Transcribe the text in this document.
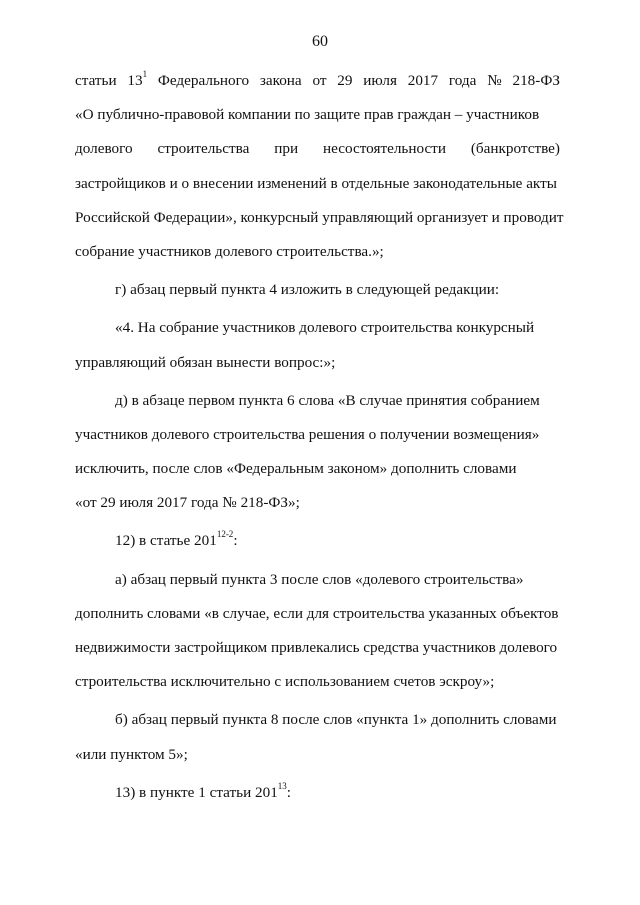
60
статьи $13^1$ Федерального закона от 29 июля 2017 года № 218-ФЗ
«О публично-правовой компании по защите прав граждан – участников
долевого строительства при несостоятельности (банкротстве)
застройщиков и о внесении изменений в отдельные законодательные акты
Российской Федерации», конкурсный управляющий организует и проводит
собрание участников долевого строительства.»;
г) абзац первый пункта 4 изложить в следующей редакции:
«4. На собрание участников долевого строительства конкурсный
управляющий обязан вынести вопрос:»;
д) в абзаце первом пункта 6 слова «В случае принятия собранием
участников долевого строительства решения о получении возмещения»
исключить, после слов «Федеральным законом» дополнить словами
«от 29 июля 2017 года № 218-ФЗ»;
12) в статье 201$^{12-2}$:
а) абзац первый пункта 3 после слов «долевого строительства»
дополнить словами «в случае, если для строительства указанных объектов
недвижимости застройщиком привлекались средства участников долевого
строительства исключительно с использованием счетов эскроу»;
б) абзац первый пункта 8 после слов «пункта 1» дополнить словами
«или пунктом 5»;
13) в пункте 1 статьи $201^{13}$:
